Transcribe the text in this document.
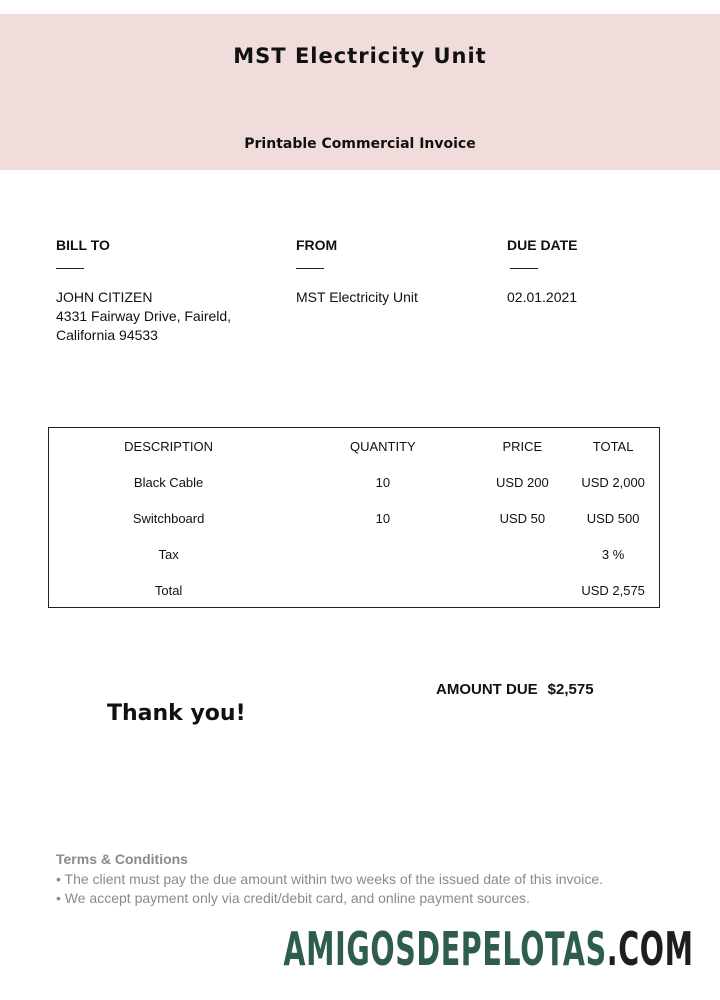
MST Electricity Unit
Printable Commercial Invoice
BILL TO
JOHN CITIZEN
4331 Fairway Drive, Faireld,
California 94533
FROM
MST Electricity Unit
DUE DATE
02.01.2021
DESCRIPTION	QUANTITY	PRICE	TOTAL
Black Cable	10	USD 200	USD 2,000
Switchboard	10	USD 50	USD 500
Tax			3 %
Total			USD 2,575
AMOUNT DUE $2,575
Thank you!
Terms & Conditions
• The client must pay the due amount within two weeks of the issued date of this invoice.
• We accept payment only via credit/debit card, and online payment sources.
AMIGOSDEPELOTAS.COM
